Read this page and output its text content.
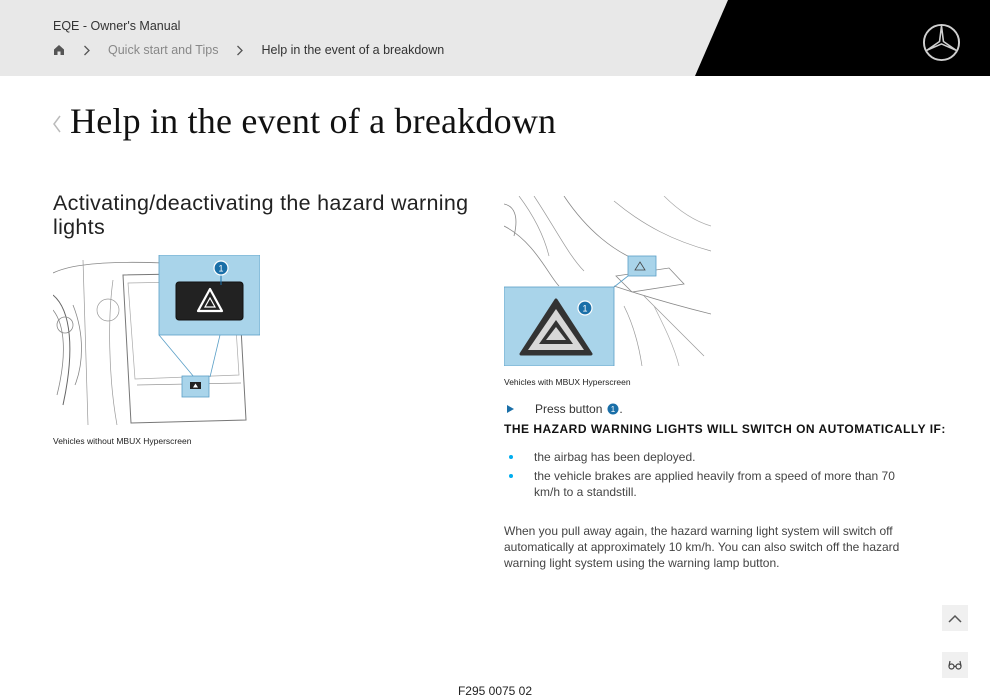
EQE - Owner's Manual
Quick start and Tips	Help in the event of a breakdown
Help in the event of a breakdown
Activating/deactivating the hazard warning lights
1
Vehicles without MBUX Hyperscreen
1
Vehicles with MBUX Hyperscreen
Press button 1 .
THE HAZARD WARNING LIGHTS WILL SWITCH ON AUTOMATICALLY IF:
the airbag has been deployed.
the vehicle brakes are applied heavily from a speed of more than 70 km/h to a standstill.

When you pull away again, the hazard warning light system will switch off automatically at approximately 10 km/h. You can also switch off the hazard warning light system using the warning lamp button.

F295 0075 02
